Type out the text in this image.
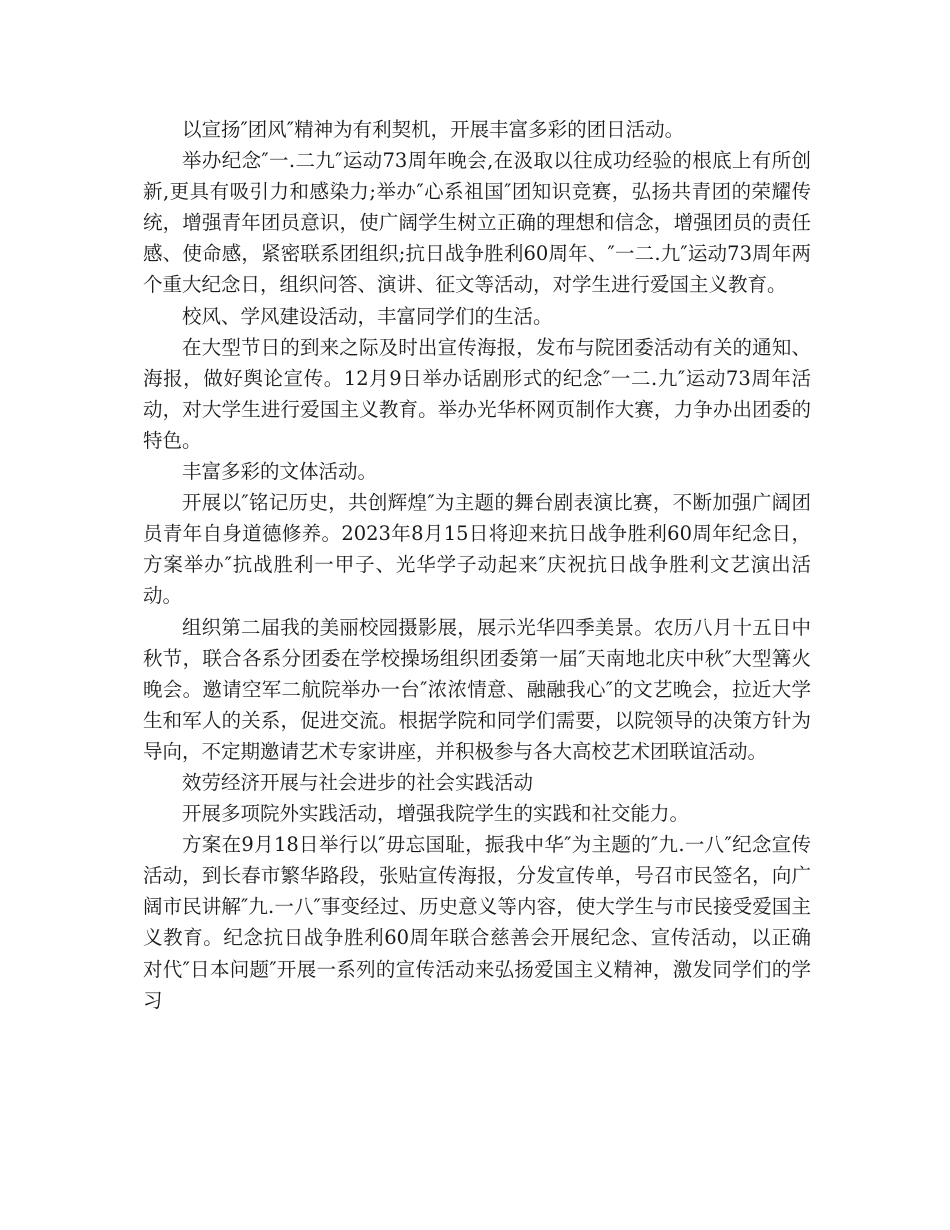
以宣扬″团风″精神为有利契机，开展丰富多彩的团日活动。

举办纪念″一.二九″运动73周年晚会,在汲取以往成功经验的根底上有所创新,更具有吸引力和感染力;举办″心系祖国″团知识竞赛，弘扬共青团的荣耀传统，增强青年团员意识，使广阔学生树立正确的理想和信念，增强团员的责任感、使命感，紧密联系团组织;抗日战争胜利60周年、″一二.九″运动73周年两个重大纪念日，组织问答、演讲、征文等活动，对学生进行爱国主义教育。

校风、学风建设活动，丰富同学们的生活。

在大型节日的到来之际及时出宣传海报，发布与院团委活动有关的通知、海报，做好舆论宣传。12月9日举办话剧形式的纪念″一二.九″运动73周年活动，对大学生进行爱国主义教育。举办光华杯网页制作大赛，力争办出团委的特色。

丰富多彩的文体活动。

开展以″铭记历史，共创辉煌″为主题的舞台剧表演比赛，不断加强广阔团员青年自身道德修养。2023年8月15日将迎来抗日战争胜利60周年纪念日，方案举办″抗战胜利一甲子、光华学子动起来″庆祝抗日战争胜利文艺演出活动。

组织第二届我的美丽校园摄影展，展示光华四季美景。农历八月十五日中秋节，联合各系分团委在学校操场组织团委第一届″天南地北庆中秋″大型篝火晚会。邀请空军二航院举办一台″浓浓情意、融融我心″的文艺晚会，拉近大学生和军人的关系，促进交流。根据学院和同学们需要，以院领导的决策方针为导向，不定期邀请艺术专家讲座，并积极参与各大高校艺术团联谊活动。

效劳经济开展与社会进步的社会实践活动

开展多项院外实践活动，增强我院学生的实践和社交能力。

方案在9月18日举行以″毋忘国耻，振我中华″为主题的″九.一八″纪念宣传活动，到长春市繁华路段，张贴宣传海报，分发宣传单，号召市民签名，向广阔市民讲解″九.一八″事变经过、历史意义等内容，使大学生与市民接受爱国主义教育。纪念抗日战争胜利60周年联合慈善会开展纪念、宣传活动，以正确对代″日本问题″开展一系列的宣传活动来弘扬爱国主义精神，激发同学们的学习
